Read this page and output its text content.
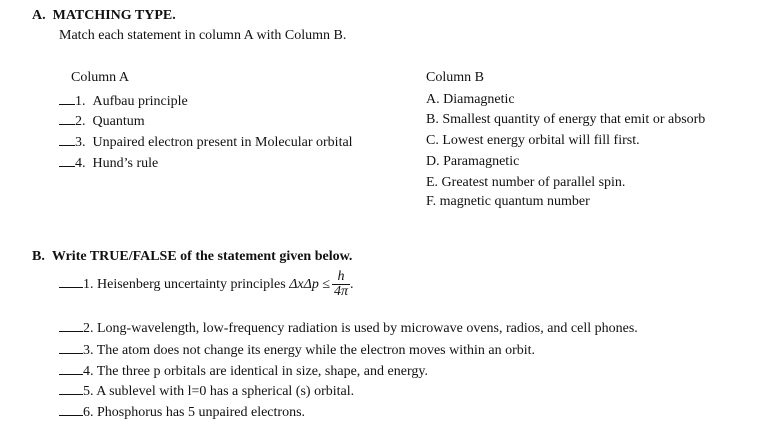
A.  MATCHING TYPE.
Match each statement in column A with Column B.
Column A	Column B
1.  Aufbau principle
2.  Quantum
3.  Unpaired electron present in Molecular orbital
4.  Hund’s rule
A. Diamagnetic
B. Smallest quantity of energy that emit or absorb
C. Lowest energy orbital will fill first.
D. Paramagnetic
E. Greatest number of parallel spin.
F. magnetic quantum number
B.  Write TRUE/FALSE of the statement given below.
1. Heisenberg uncertainty principles $\Delta x\Delta p \le \frac{h}{4\pi}$ .
2. Long-wavelength, low-frequency radiation is used by microwave ovens, radios, and cell phones.
3. The atom does not change its energy while the electron moves within an orbit.
4. The three p orbitals are identical in size, shape, and energy.
5. A sublevel with l=0 has a spherical (s) orbital.
6. Phosphorus has 5 unpaired electrons.
